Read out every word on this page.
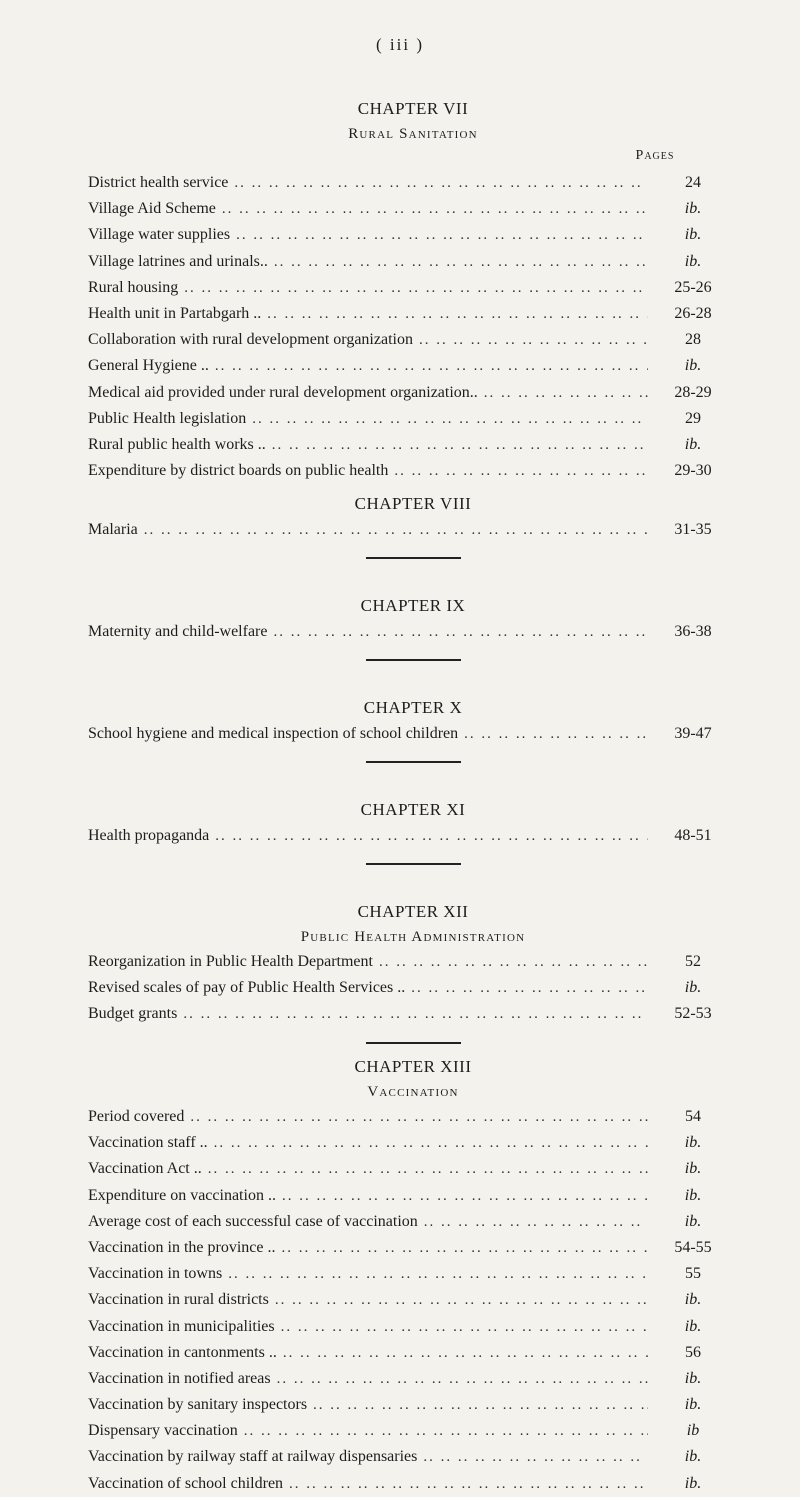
( iii )
CHAPTER VII
Rural Sanitation
Pages
District health service .. ..	24
Village Aid Scheme .. ..	ib.
Village water supplies .. ..	ib.
Village latrines and urinals.. .. ..	ib.
Rural housing .. ..	25-26
Health unit in Partabgarh .. .. ..	26-28
Collaboration with rural development organization .. ..	28
General Hygiene .. .. ..	ib.
Medical aid provided under rural development organization.. .. ..	28-29
Public Health legislation .. ..	29
Rural public health works .. .. ..	ib.
Expenditure by district boards on public health .. ..	29-30
CHAPTER VIII
Malaria .. ..	31-35
CHAPTER IX
Maternity and child-welfare .. ..	36-38
CHAPTER X
School hygiene and medical inspection of school children .. ..	39-47
CHAPTER XI
Health propaganda .. ..	48-51
CHAPTER XII
Public Health Administration
Reorganization in Public Health Department .. ..	52
Revised scales of pay of Public Health Services .. .. ..	ib.
Budget grants .. ..	52-53
CHAPTER XIII
Vaccination
Period covered .. ..	54
Vaccination staff .. .. ..	ib.
Vaccination Act .. .. ..	ib.
Expenditure on vaccination .. .. ..	ib.
Average cost of each successful case of vaccination .. ..	ib.
Vaccination in the province .. .. ..	54-55
Vaccination in towns .. ..	55
Vaccination in rural districts .. ..	ib.
Vaccination in municipalities .. ..	ib.
Vaccination in cantonments .. .. ..	56
Vaccination in notified areas .. ..	ib.
Vaccination by sanitary inspectors .. ..	ib.
Dispensary vaccination .. ..	ib
Vaccination by railway staff at railway dispensaries .. ..	ib.
Vaccination of school children .. ..	ib.
